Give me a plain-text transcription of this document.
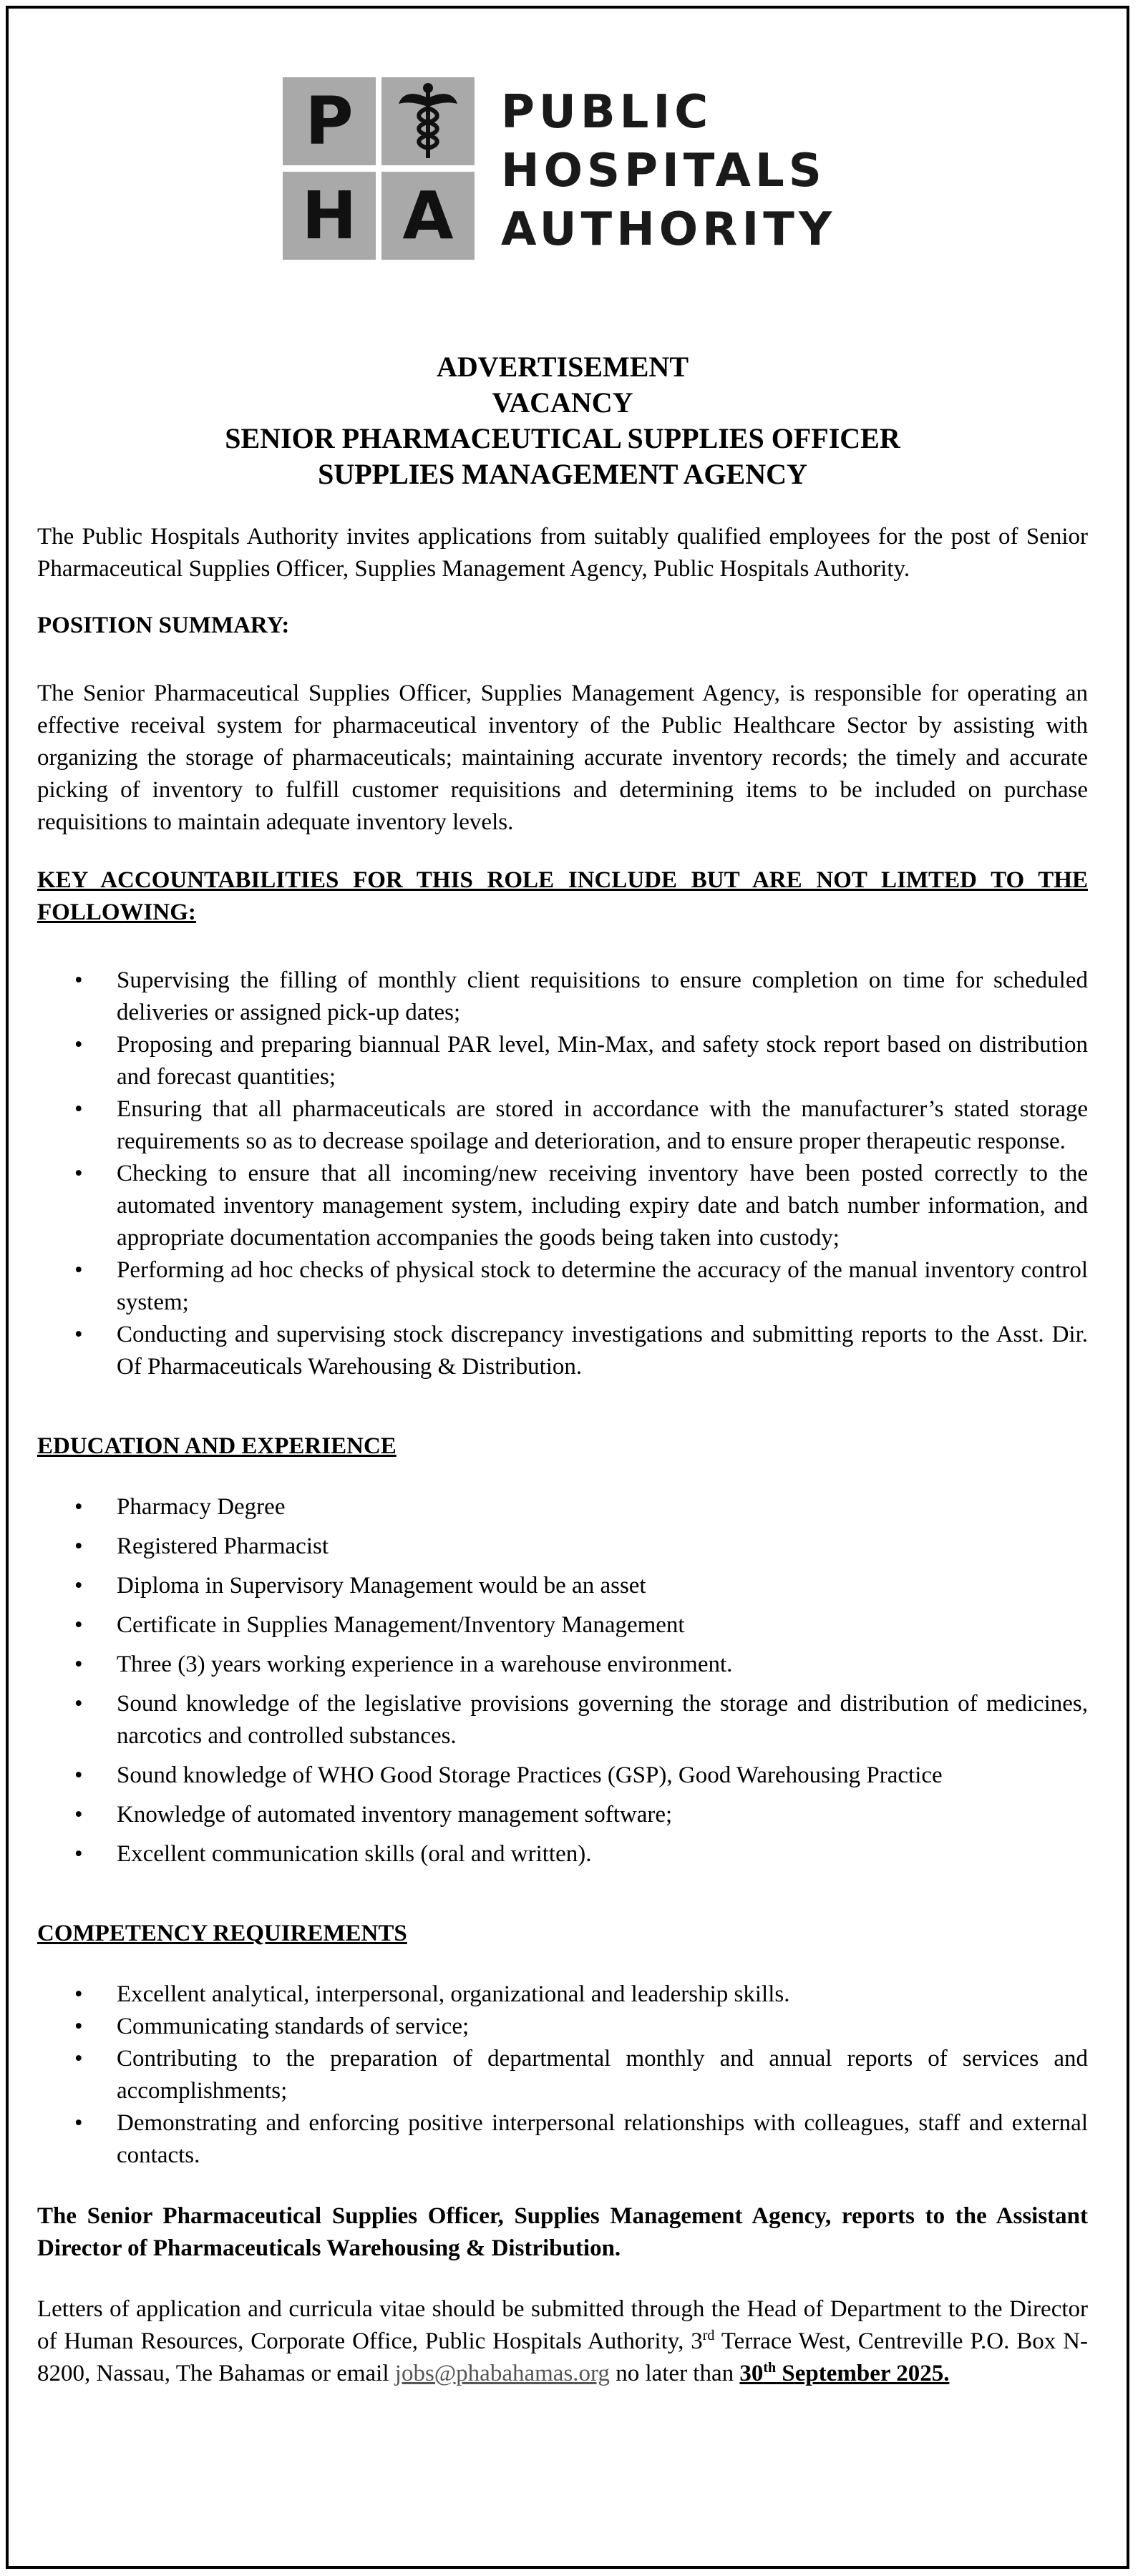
P
H A
PUBLIC
HOSPITALS
AUTHORITY
ADVERTISEMENT
VACANCY
SENIOR PHARMACEUTICAL SUPPLIES OFFICER
SUPPLIES MANAGEMENT AGENCY

The Public Hospitals Authority invites applications from suitably qualified employees for the post of Senior Pharmaceutical Supplies Officer, Supplies Management Agency, Public Hospitals Authority.

POSITION SUMMARY:

The Senior Pharmaceutical Supplies Officer, Supplies Management Agency, is responsible for operating an effective receival system for pharmaceutical inventory of the Public Healthcare Sector by assisting with organizing the storage of pharmaceuticals; maintaining accurate inventory records; the timely and accurate picking of inventory to fulfill customer requisitions and determining items to be included on purchase requisitions to maintain adequate inventory levels.

KEY ACCOUNTABILITIES FOR THIS ROLE INCLUDE BUT ARE NOT LIMTED TO THE FOLLOWING:
• Supervising the filling of monthly client requisitions to ensure completion on time for scheduled deliveries or assigned pick-up dates;
• Proposing and preparing biannual PAR level, Min-Max, and safety stock report based on distribution and forecast quantities;
• Ensuring that all pharmaceuticals are stored in accordance with the manufacturer’s stated storage requirements so as to decrease spoilage and deterioration, and to ensure proper therapeutic response.
• Checking to ensure that all incoming/new receiving inventory have been posted correctly to the automated inventory management system, including expiry date and batch number information, and appropriate documentation accompanies the goods being taken into custody;
• Performing ad hoc checks of physical stock to determine the accuracy of the manual inventory control system;
• Conducting and supervising stock discrepancy investigations and submitting reports to the Asst. Dir. Of Pharmaceuticals Warehousing & Distribution.
EDUCATION AND EXPERIENCE
• Pharmacy Degree
• Registered Pharmacist
• Diploma in Supervisory Management would be an asset
• Certificate in Supplies Management/Inventory Management
• Three (3) years working experience in a warehouse environment.
• Sound knowledge of the legislative provisions governing the storage and distribution of medicines, narcotics and controlled substances.
• Sound knowledge of WHO Good Storage Practices (GSP), Good Warehousing Practice
• Knowledge of automated inventory management software;
• Excellent communication skills (oral and written).
COMPETENCY REQUIREMENTS
• Excellent analytical, interpersonal, organizational and leadership skills.
• Communicating standards of service;
• Contributing to the preparation of departmental monthly and annual reports of services and accomplishments;
• Demonstrating and enforcing positive interpersonal relationships with colleagues, staff and external contacts.

The Senior Pharmaceutical Supplies Officer, Supplies Management Agency, reports to the Assistant Director of Pharmaceuticals Warehousing & Distribution.

Letters of application and curricula vitae should be submitted through the Head of Department to the Director of Human Resources, Corporate Office, Public Hospitals Authority, 3rd Terrace West, Centreville P.O. Box N-8200, Nassau, The Bahamas or email jobs@phabahamas.org no later than 30th September 2025.
